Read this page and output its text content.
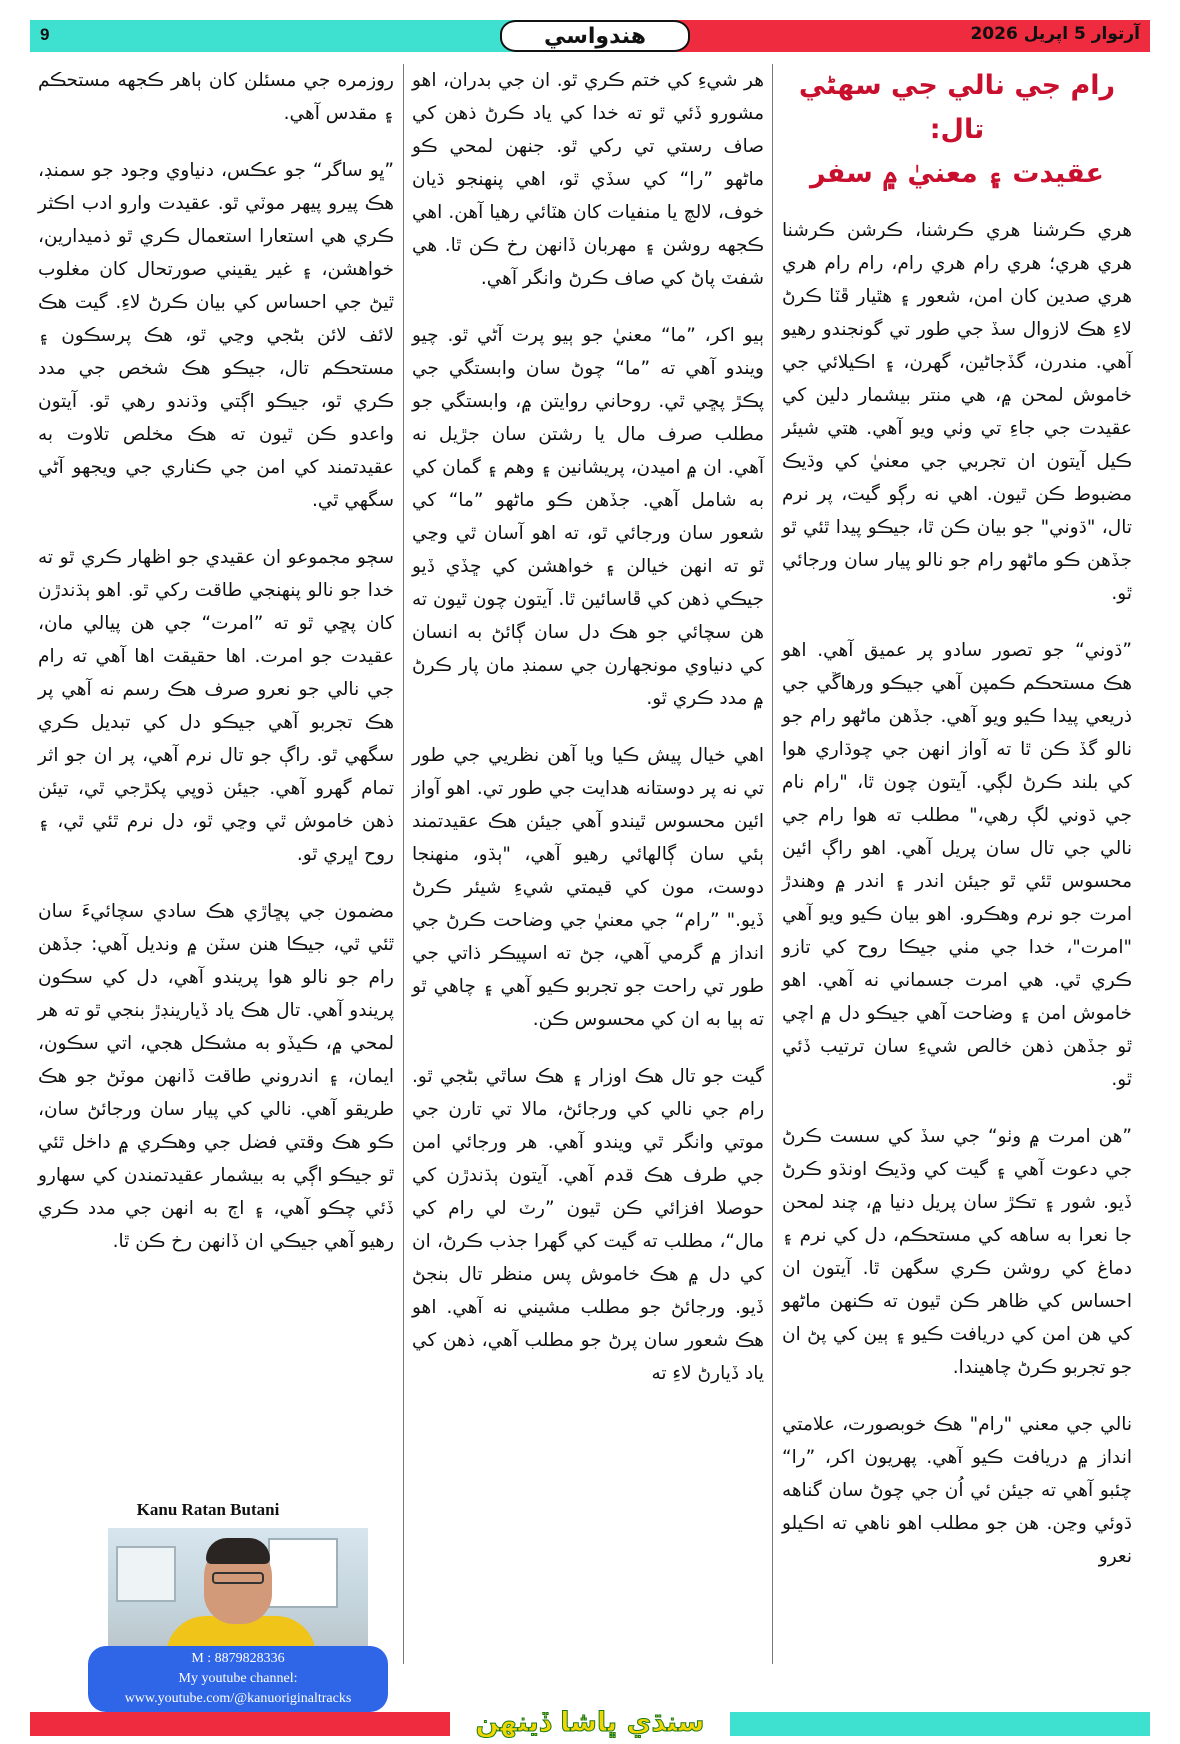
9	هندواسي	آرتوار 5 اپريل 2026
رام جي نالي جي سهڻي تال:
عقيدت ۽ معنيٰ ۾ سفر

هري ڪرشنا هري ڪرشنا، ڪرشن ڪرشنا هري هري؛ هري رام هري رام، رام رام هري هري صدين کان امن، شعور ۽ هٿيار ڦٽا ڪرڻ لاءِ هڪ لازوال سڏ جي طور تي گونجندو رهيو آهي. مندرن، گڏجاڻين، گهرن، ۽ اڪيلائي جي خاموش لمحن ۾، هي منتر بيشمار دلين کي عقيدت جي جاءِ تي وٺي ويو آهي. هتي شيئر ڪيل آيتون ان تجربي جي معنيٰ کي وڌيڪ مضبوط ڪن ٿيون. اهي نه رڳو گيت، پر نرم تال، "ڌوني" جو بيان ڪن ٿا، جيڪو پيدا ٿئي ٿو جڏهن ڪو ماڻهو رام جو نالو پيار سان ورجائي ٿو.

”ڌوني“ جو تصور سادو پر عميق آهي. اهو هڪ مستحڪم ڪمپن آهي جيڪو ورهاڱي جي ذريعي پيدا ڪيو ويو آهي. جڏهن ماڻهو رام جو نالو گڏ ڪن ٿا ته آواز انهن جي چوڌاري هوا کي بلند ڪرڻ لڳي. آيتون چون ٿا، "رام نام جي ڌوني لڳ رهي،" مطلب ته هوا رام جي نالي جي تال سان پريل آهي. اهو راڳ ائين محسوس ٿئي ٿو جيئن اندر ۽ اندر ۾ وهندڙ امرت جو نرم وهڪرو. اهو بيان ڪيو ويو آهي "امرت"، خدا جي مٺي جيڪا روح کي تازو ڪري ٿي. هي امرت جسماني نه آهي. اهو خاموش امن ۽ وضاحت آهي جيڪو دل ۾ اچي ٿو جڏهن ذهن خالص شيءِ سان ترتيب ڏئي ٿو.

”هن امرت ۾ وٺو“ جي سڏ کي سست ڪرڻ جي دعوت آهي ۽ گيت کي وڌيڪ اونڌو ڪرڻ ڏيو. شور ۽ تڪڙ سان پريل دنيا ۾، چند لمحن جا نعرا به ساهه کي مستحڪم، دل کي نرم ۽ دماغ کي روشن ڪري سگهن ٿا. آيتون ان احساس کي ظاهر ڪن ٿيون ته ڪنهن ماڻهو کي هن امن کي دريافت ڪيو ۽ ٻين کي پڻ ان جو تجربو ڪرڻ چاهيندا.

نالي جي معني "رام" هڪ خوبصورت، علامتي انداز ۾ دريافت ڪيو آهي. پهريون اکر، ”را“ چئبو آهي ته جيئن ئي اُن جي چوڻ سان گناهه ڌوئي وڃن. هن جو مطلب اهو ناهي ته اڪيلو نعرو

هر شيءِ کي ختم ڪري ٿو. ان جي بدران، اهو مشورو ڏئي ٿو ته خدا کي ياد ڪرڻ ذهن کي صاف رستي تي رکي ٿو. جنهن لمحي ڪو ماڻهو ”را“ کي سڏي ٿو، اهي پنهنجو ڌيان خوف، لالچ يا منفيات کان هٽائي رهيا آهن. اهي ڪجهه روشن ۽ مهربان ڏانهن رخ ڪن ٿا. هي شفٽ پاڻ کي صاف ڪرڻ وانگر آهي.

ٻيو اکر، ”ما“ معنيٰ جو ٻيو پرت آڻي ٿو. چيو ويندو آهي ته ”ما“ چوڻ سان وابستگي جي پڪڙ پڇي ٿي. روحاني روايتن ۾، وابستگي جو مطلب صرف مال يا رشتن سان جڙيل نه آهي. ان ۾ اميدن، پريشانين ۽ وهم ۽ گمان کي به شامل آهي. جڏهن ڪو ماڻهو ”ما“ کي شعور سان ورجائي ٿو، ته اهو آسان ٿي وڃي ٿو ته انهن خيالن ۽ خواهشن کي ڇڏي ڏيو جيڪي ذهن کي ڦاسائين ٿا. آيتون چون ٿيون ته هن سچائي جو هڪ دل سان ڳائڻ به انسان کي دنياوي مونجهارن جي سمنڊ مان پار ڪرڻ ۾ مدد ڪري ٿو.

اهي خيال پيش ڪيا ويا آهن نظريي جي طور تي نه پر دوستانه هدايت جي طور تي. اهو آواز ائين محسوس ٿيندو آهي جيئن هڪ عقيدتمند ٻئي سان ڳالهائي رهيو آهي، "ٻڌو، منهنجا دوست، مون کي قيمتي شيءِ شيئر ڪرڻ ڏيو." ”رام“ جي معنيٰ جي وضاحت ڪرڻ جي انداز ۾ گرمي آهي، جڻ ته اسپيڪر ذاتي جي طور تي راحت جو تجربو ڪيو آهي ۽ چاهي ٿو ته ٻيا به ان کي محسوس ڪن.

گيت جو تال هڪ اوزار ۽ هڪ ساٿي بڻجي ٿو. رام جي نالي کي ورجائڻ، مالا تي تارن جي موتي وانگر ٿي ويندو آهي. هر ورجائي امن جي طرف هڪ قدم آهي. آيتون ٻڌندڙن کي حوصلا افزائي ڪن ٿيون ”رٽ لي رام کي مال“، مطلب ته گيت کي گهرا جذب ڪرڻ، ان کي دل ۾ هڪ خاموش پس منظر تال بنجڻ ڏيو. ورجائڻ جو مطلب مشيني نه آهي. اهو هڪ شعور سان پرڻ جو مطلب آهي، ذهن کي ياد ڏيارڻ لاءِ ته

روزمره جي مسئلن کان ٻاهر ڪجهه مستحڪم ۽ مقدس آهي.

”ڀو ساگر“ جو عڪس، دنياوي وجود جو سمنڊ، هڪ پيرو پيهر موٽي ٿو. عقيدت وارو ادب اڪثر ڪري هي استعارا استعمال ڪري ٿو ذميدارين، خواهشن، ۽ غير يقيني صورتحال کان مغلوب ٿيڻ جي احساس کي بيان ڪرڻ لاءِ. گيت هڪ لائف لائن بڻجي وڃي ٿو، هڪ پرسڪون ۽ مستحڪم تال، جيڪو هڪ شخص جي مدد ڪري ٿو، جيڪو اڳتي وڌندو رهي ٿو. آيتون واعدو ڪن ٿيون ته هڪ مخلص تلاوت به عقيدتمند کي امن جي ڪناري جي ويجهو آڻي سگهي ٿي.

سڄو مجموعو ان عقيدي جو اظهار ڪري ٿو ته خدا جو نالو پنهنجي طاقت رکي ٿو. اهو ٻڌندڙن کان پڇي ٿو ته ”امرت“ جي هن پيالي مان، عقيدت جو امرت. اها حقيقت اها آهي ته رام جي نالي جو نعرو صرف هڪ رسم نه آهي پر هڪ تجربو آهي جيڪو دل کي تبديل ڪري سگهي ٿو. راڳ جو تال نرم آهي، پر ان جو اثر تمام گهرو آهي. جيئن ڌوپي پکڙجي ٿي، تيئن ذهن خاموش ٿي وڃي ٿو، دل نرم ٿئي ٿي، ۽ روح اڀري ٿو.

مضمون جي پڇاڙي هڪ سادي سچائيءَ سان ٿئي ٿي، جيڪا هنن سٽن ۾ ونديل آهي: جڏهن رام جو نالو هوا پريندو آهي، دل کي سڪون پريندو آهي. تال هڪ ياد ڏيارينڊڙ بنجي ٿو ته هر لمحي ۾، ڪيڏو به مشڪل هجي، اتي سڪون، ايمان، ۽ اندروني طاقت ڏانهن موٽڻ جو هڪ طريقو آهي. نالي کي پيار سان ورجائڻ سان، ڪو هڪ وقتي فضل جي وهڪري ۾ داخل ٿئي ٿو جيڪو اڳي به بيشمار عقيدتمندن کي سهارو ڏئي چڪو آهي، ۽ اڄ به انهن جي مدد ڪري رهيو آهي جيڪي ان ڏانهن رخ ڪن ٿا.

Kanu Ratan Butani
M : 8879828336
My youtube channel:
www.youtube.com/@kanuoriginaltracks
سنڌي ڀاشا ڏينهن
